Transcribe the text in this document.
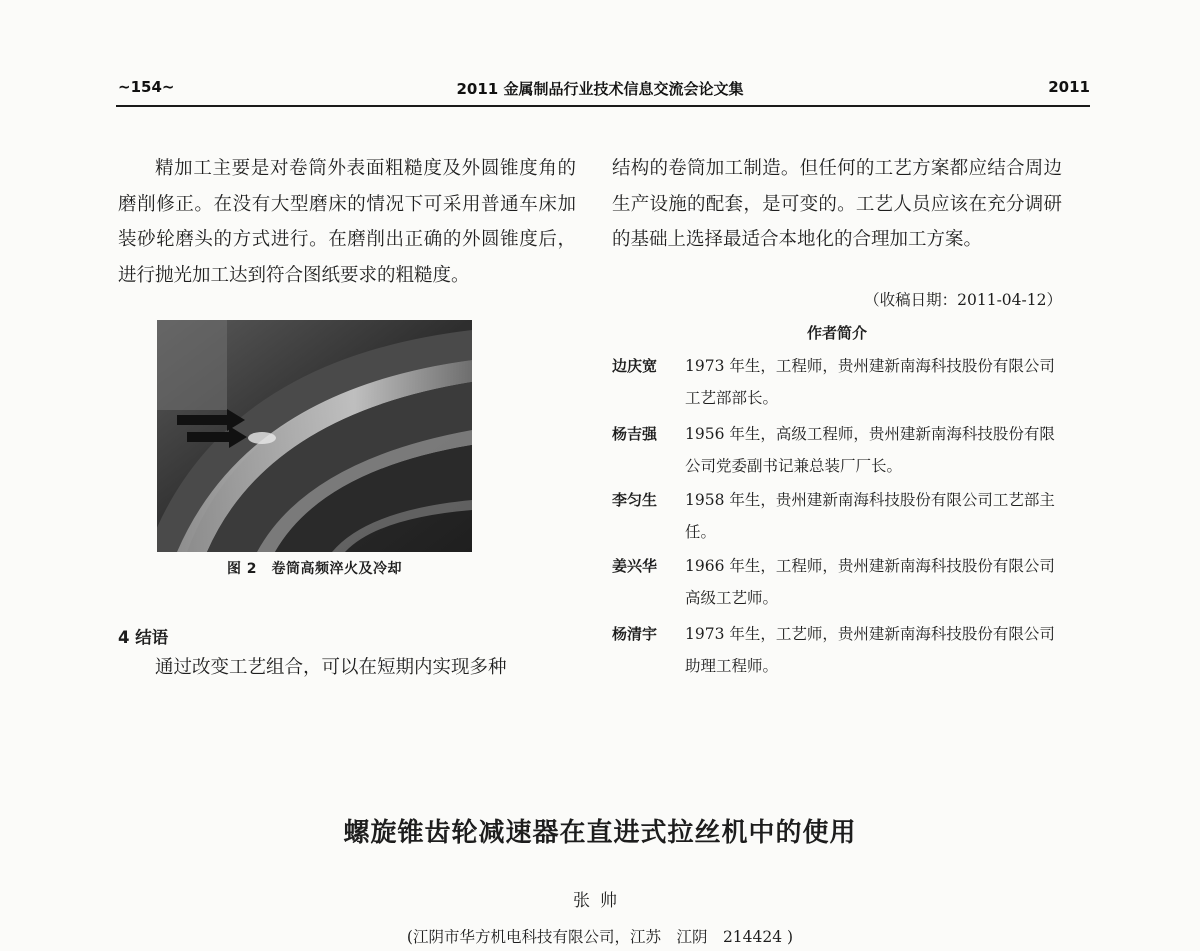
~154~	2011 金属制品行业技术信息交流会论文集	2011
精加工主要是对卷筒外表面粗糙度及外圆锥度角的磨削修正。在没有大型磨床的情况下可采用普通车床加装砂轮磨头的方式进行。在磨削出正确的外圆锥度后，进行抛光加工达到符合图纸要求的粗糙度。
图 2　卷筒高频淬火及冷却
4 结语
通过改变工艺组合，可以在短期内实现多种
结构的卷筒加工制造。但任何的工艺方案都应结合周边生产设施的配套，是可变的。工艺人员应该在充分调研的基础上选择最适合本地化的合理加工方案。
（收稿日期：2011-04-12）
作者简介
边庆宽	1973 年生，工程师，贵州建新南海科技股份有限公司工艺部部长。
杨吉强	1956 年生，高级工程师，贵州建新南海科技股份有限公司党委副书记兼总装厂厂长。
李匀生	1958 年生，贵州建新南海科技股份有限公司工艺部主任。
姜兴华	1966 年生，工程师，贵州建新南海科技股份有限公司高级工艺师。
杨清宇	1973 年生，工艺师，贵州建新南海科技股份有限公司助理工程师。
螺旋锥齿轮减速器在直进式拉丝机中的使用
张帅
(江阴市华方机电科技有限公司，江苏　江阴　214424 )
